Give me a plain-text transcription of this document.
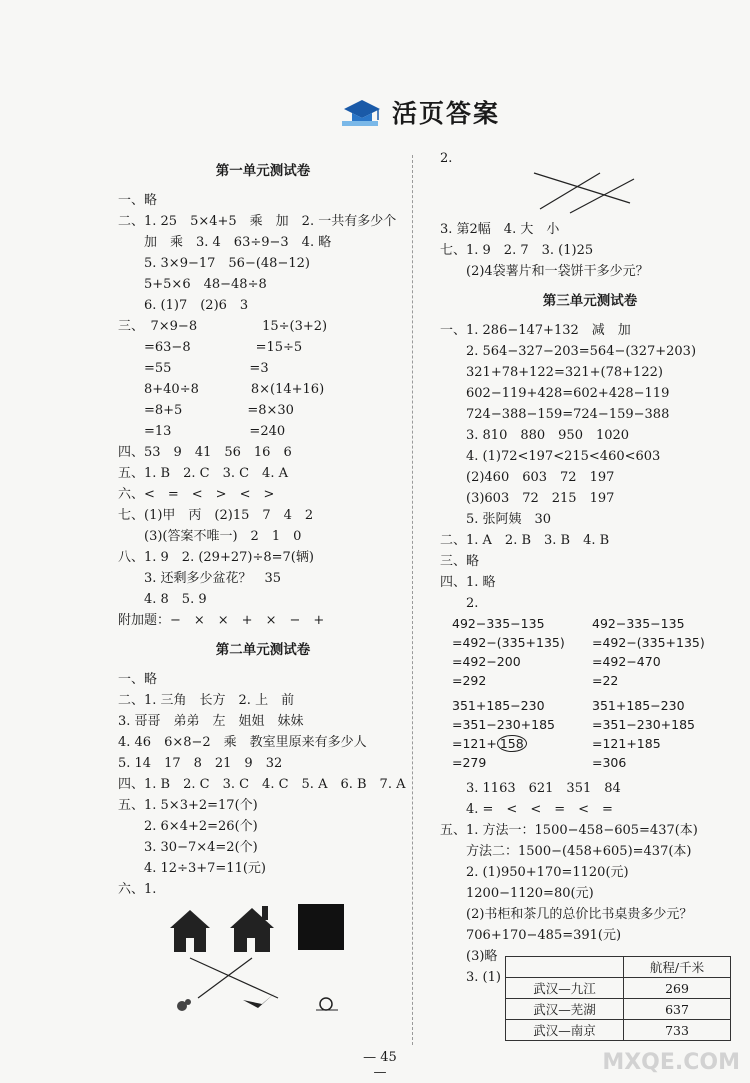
活页答案
第一单元测试卷
一、略
二、1. 25　5×4+5　乘　加　2. 一共有多少个
　　加　乘　3. 4　63÷9−3　4. 略
　　5. 3×9−17　56−(48−12)
　　5+5×6　48−48÷8
　　6. (1)7　(2)6　3
三、　7×9−8　　　　　15÷(3+2)
　　=63−8　　　　　=15÷5
　　=55　　　　　　=3
　　8+40÷8　　　　8×(14+16)
　　=8+5　　　　　=8×30
　　=13　　　　　　=240
四、53　9　41　56　16　6
五、1. B　2. C　3. C　4. A
六、<　=　<　>　<　>
七、(1)甲　丙　(2)15　7　4　2
　　(3)(答案不唯一)　2　1　0
八、1. 9　2. (29+27)÷8=7(辆)
　　3. 还剩多少盆花？　35
　　4. 8　5. 9
附加题：−　×　×　+　×　−　+
第二单元测试卷
一、略
二、1. 三角　长方　2. 上　前
3. 哥哥　弟弟　左　姐姐　妹妹
4. 46　6×8−2　乘　教室里原来有多少人
5. 14　17　8　21　9　32
四、1. B　2. C　3. C　4. C　5. A　6. B　7. A
五、1. 5×3+2=17(个)
　　2. 6×4+2=26(个)
　　3. 30−7×4=2(个)
　　4. 12÷3+7=11(元)
六、1.
2.
3. 第2幅　4. 大　小
七、1. 9　2. 7　3. (1)25
　　(2)4袋薯片和一袋饼干多少元？
第三单元测试卷
一、1. 286−147+132　减　加
　　2. 564−327−203=564−(327+203)
　　321+78+122=321+(78+122)
　　602−119+428=602+428−119
　　724−388−159=724−159−388
　　3. 810　880　950　1020
　　4. (1)72<197<215<460<603
　　(2)460　603　72　197
　　(3)603　72　215　197
　　5. 张阿姨　30
二、1. A　2. B　3. B　4. B
三、略
四、1. 略
　　2.
492−335−135	492−335−135
=492−(335+135)	=492−(335+135)
=492−200	=492−470
=292	=22
351+185−230	351+185−230
=351−230+185	=351−230+185
=121+ 158	=121+185
=279	=306
　　3. 1163　621　351　84
　　4. =　<　<　=　<　=
五、1. 方法一：1500−458−605=437(本)
　　方法二：1500−(458+605)=437(本)
　　2. (1)950+170=1120(元)
　　1200−1120=80(元)
　　(2)书柜和茶几的总价比书桌贵多少元？
　　706+170−485=391(元)
　　(3)略
　　3. (1)
	航程/千米
武汉—九江	269
武汉—芜湖	637
武汉—南京	733
— 45 —	MXQE.COM
